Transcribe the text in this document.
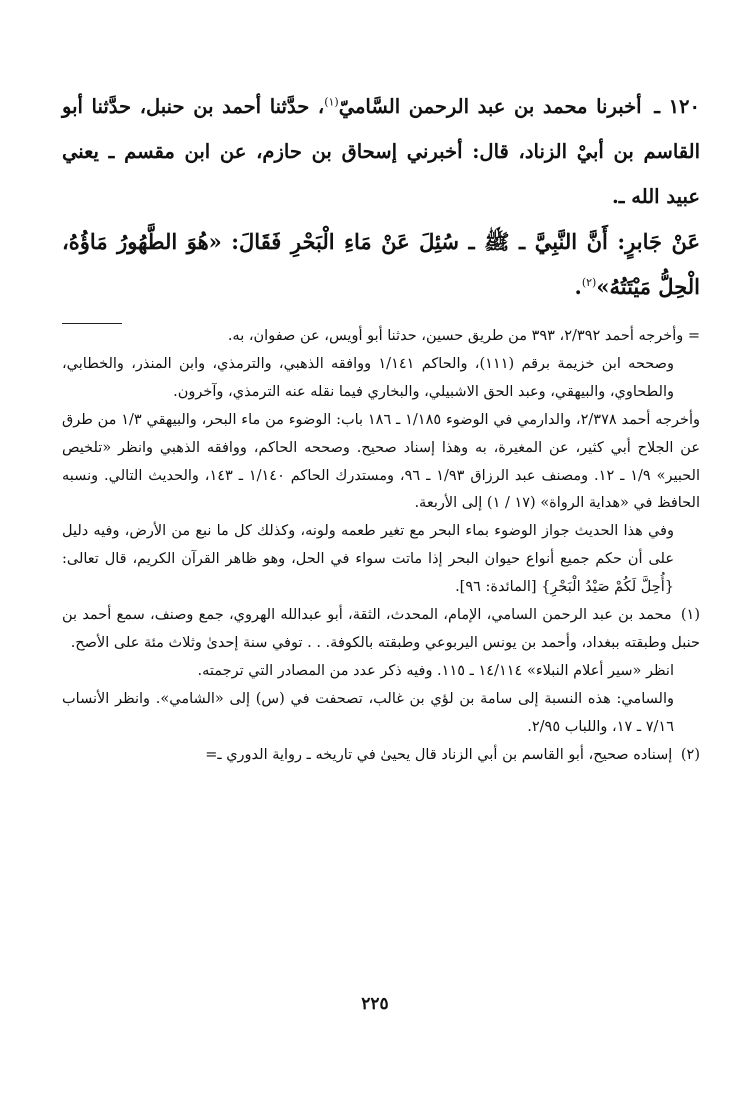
١٢٠ ـ أخبرنا محمد بن عبد الرحمن السَّاميّ$^{(١)}$، حدَّثنا أحمد بن حنبل، حدَّثنا أبو القاسم بن أبيْ الزناد، قال: أخبرني إسحاق بن حازم، عن ابن مقسم ـ يعني عبيد الله ـ.

عَنْ جَابرٍ: أَنَّ النَّبِيَّ ـ ﷺ ـ سُئِلَ عَنْ مَاءِ الْبَحْرِ فَقَالَ: «هُوَ الطَّهُورُ مَاؤُهُ، الْحِلُّ مَيْتَتُهُ»$^{(٢)}$.

= وأخرجه أحمد ٢/٣٩٢، ٣٩٣ من طريق حسين، حدثنا أبو أويس، عن صفوان، به.

وصححه ابن خزيمة برقم (١١١)، والحاكم ١/١٤١ ووافقه الذهبي، والترمذي، وابن المنذر، والخطابي، والطحاوي، والبيهقي، وعبد الحق الاشبيلي، والبخاري فيما نقله عنه الترمذي، وآخرون.

وأخرجه أحمد ٢/٣٧٨، والدارمي في الوضوء ١/١٨٥ ـ ١٨٦ باب: الوضوء من ماء البحر، والبيهقي ١/٣ من طرق عن الجلاح أبي كثير، عن المغيرة، به وهذا إسناد صحيح. وصححه الحاكم، ووافقه الذهبي وانظر «تلخيص الحبير» ١/٩ ـ ١٢. ومصنف عبد الرزاق ١/٩٣ ـ ٩٦، ومستدرك الحاكم ١/١٤٠ ـ ١٤٣، والحديث التالي. ونسبه الحافظ في «هداية الرواة» (١٧ / ١) إلى الأربعة.

وفي هذا الحديث جواز الوضوء بماء البحر مع تغير طعمه ولونه، وكذلك كل ما نبع من الأرض، وفيه دليل على أن حكم جميع أنواع حيوان البحر إذا ماتت سواء في الحل، وهو ظاهر القرآن الكريم، قال تعالى: {أُحِلَّ لَكُمْ صَيْدُ الْبَحْرِ} [المائدة: ٩٦].

(١) محمد بن عبد الرحمن السامي، الإمام، المحدث، الثقة، أبو عبدالله الهروي، جمع وصنف، سمع أحمد بن حنبل وطبقته ببغداد، وأحمد بن يونس اليربوعي وطبقته بالكوفة. . . توفي سنة إحدىٰ وثلاث مئة على الأصح.

انظر «سير أعلام النبلاء» ١٤/١١٤ ـ ١١٥. وفيه ذكر عدد من المصادر التي ترجمته.

والسامي: هذه النسبة إلى سامة بن لؤي بن غالب، تصحفت في (س) إلى «الشامي». وانظر الأنساب ٧/١٦ ـ ١٧، واللباب ٢/٩٥.

(٢) إسناده صحيح، أبو القاسم بن أبي الزناد قال يحيىٰ في تاريخه ـ رواية الدوري ـ=

٢٢٥
